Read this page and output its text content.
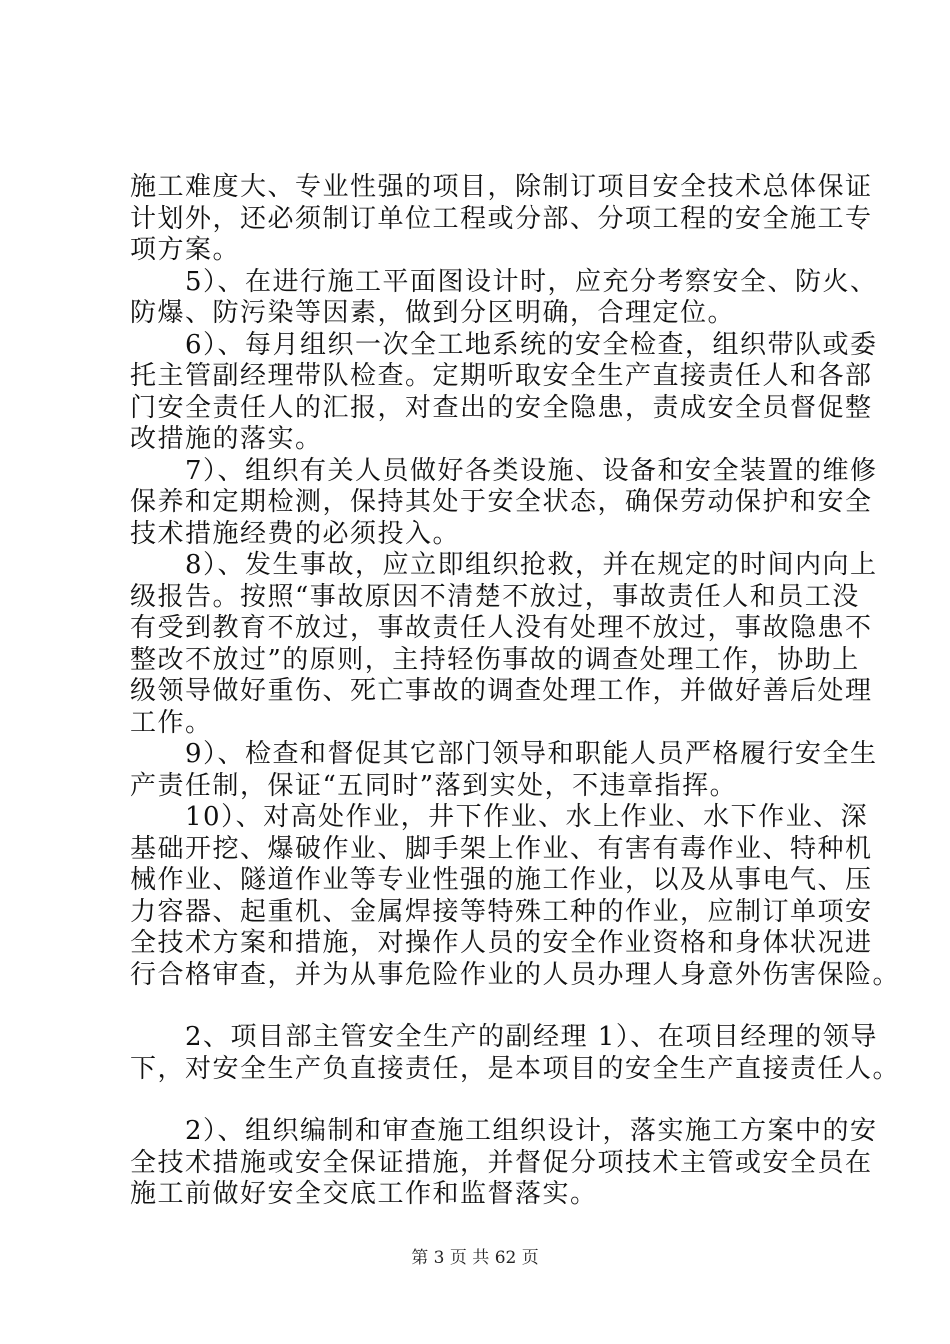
施工难度大、专业性强的项目，除制订项目安全技术总体保证
计划外，还必须制订单位工程或分部、分项工程的安全施工专
项方案。
　　5）、在进行施工平面图设计时，应充分考察安全、防火、
防爆、防污染等因素，做到分区明确，合理定位。
　　6）、每月组织一次全工地系统的安全检查，组织带队或委
托主管副经理带队检查。定期听取安全生产直接责任人和各部
门安全责任人的汇报，对查出的安全隐患，责成安全员督促整
改措施的落实。
　　7）、组织有关人员做好各类设施、设备和安全装置的维修
保养和定期检测，保持其处于安全状态，确保劳动保护和安全
技术措施经费的必须投入。
　　8）、发生事故，应立即组织抢救，并在规定的时间内向上
级报告。按照“事故原因不清楚不放过，事故责任人和员工没
有受到教育不放过，事故责任人没有处理不放过，事故隐患不
整改不放过”的原则，主持轻伤事故的调查处理工作，协助上
级领导做好重伤、死亡事故的调查处理工作，并做好善后处理
工作。
　　9）、检查和督促其它部门领导和职能人员严格履行安全生
产责任制，保证“五同时”落到实处，不违章指挥。
　　10）、对高处作业，井下作业、水上作业、水下作业、深
基础开挖、爆破作业、脚手架上作业、有害有毒作业、特种机
械作业、隧道作业等专业性强的施工作业，以及从事电气、压
力容器、起重机、金属焊接等特殊工种的作业，应制订单项安
全技术方案和措施，对操作人员的安全作业资格和身体状况进
行合格审查，并为从事危险作业的人员办理人身意外伤害保险。
　　2、项目部主管安全生产的副经理 1）、在项目经理的领导
下，对安全生产负直接责任，是本项目的安全生产直接责任人。
　　2）、组织编制和审查施工组织设计，落实施工方案中的安
全技术措施或安全保证措施，并督促分项技术主管或安全员在
施工前做好安全交底工作和监督落实。
第 3 页 共 62 页
